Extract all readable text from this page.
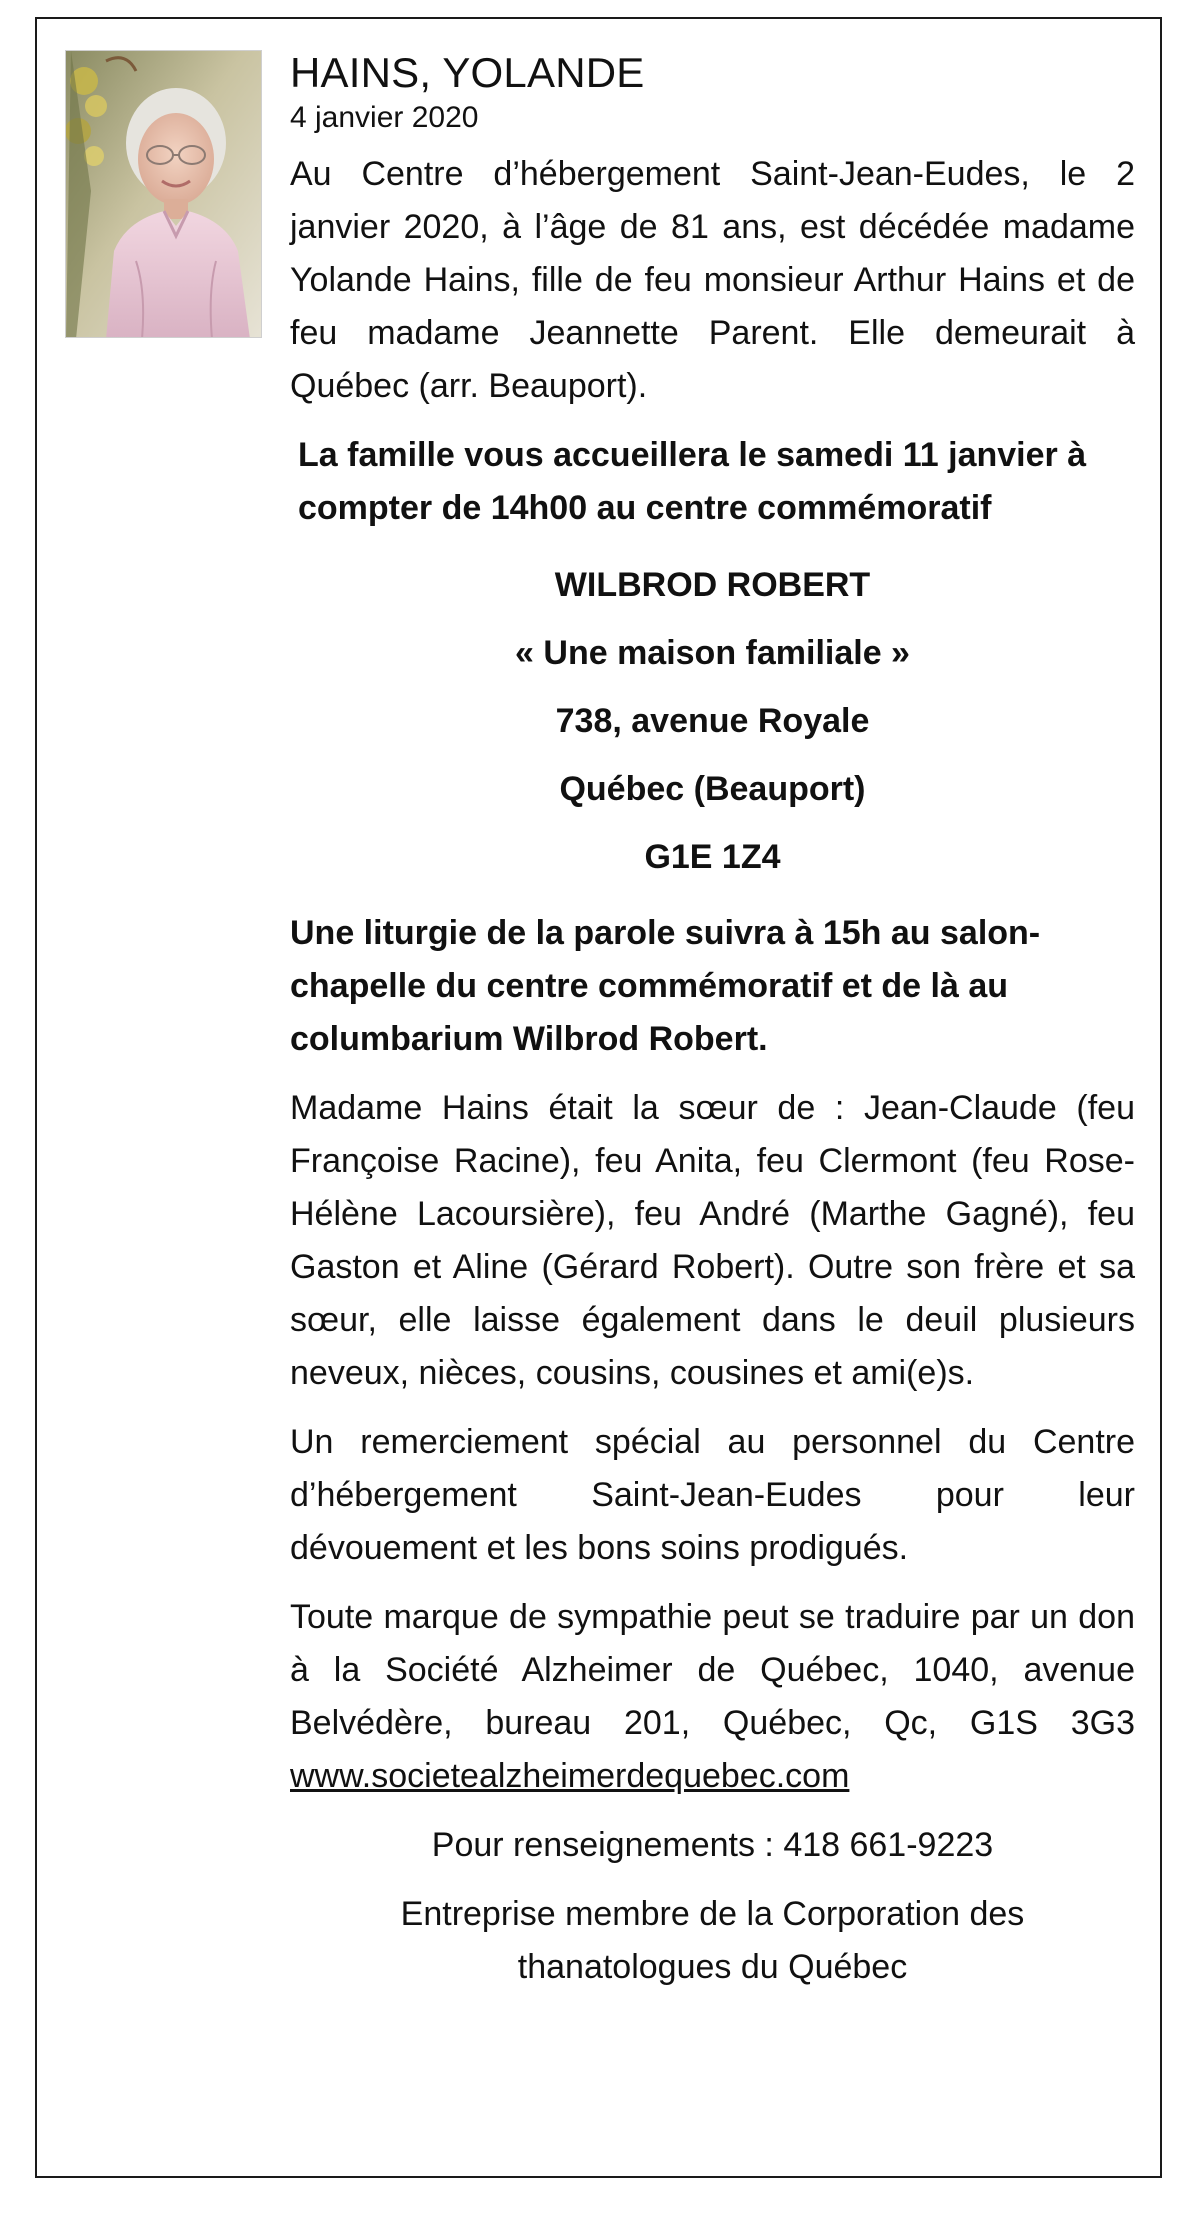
HAINS, YOLANDE
4 janvier 2020

Au Centre d’hébergement Saint-Jean-Eudes, le 2 janvier 2020, à l’âge de 81 ans, est décédée madame Yolande Hains, fille de feu monsieur Arthur Hains et de feu madame Jeannette Parent. Elle demeurait à Québec (arr. Beauport).

La famille vous accueillera le samedi 11 janvier à compter de 14h00 au centre commémoratif

WILBROD ROBERT

« Une maison familiale »

738, avenue Royale

Québec (Beauport)

G1E 1Z4

Une liturgie de la parole suivra à 15h au salon-chapelle du centre commémoratif et de là au columbarium Wilbrod Robert.

Madame Hains était la sœur de : Jean-Claude (feu Françoise Racine), feu Anita, feu Clermont (feu Rose-Hélène Lacoursière), feu André (Marthe Gagné), feu Gaston et Aline (Gérard Robert). Outre son frère et sa sœur, elle laisse également dans le deuil plusieurs neveux, nièces, cousins, cousines et ami(e)s.

Un remerciement spécial au personnel du Centre d’hébergement Saint-Jean-Eudes pour leur dévouement et les bons soins prodigués.

Toute marque de sympathie peut se traduire par un don à la Société Alzheimer de Québec, 1040, avenue Belvédère, bureau 201, Québec, Qc, G1S 3G3 www.societealzheimerdequebec.com

Pour renseignements : 418 661-9223

Entreprise membre de la Corporation des

thanatologues du Québec
